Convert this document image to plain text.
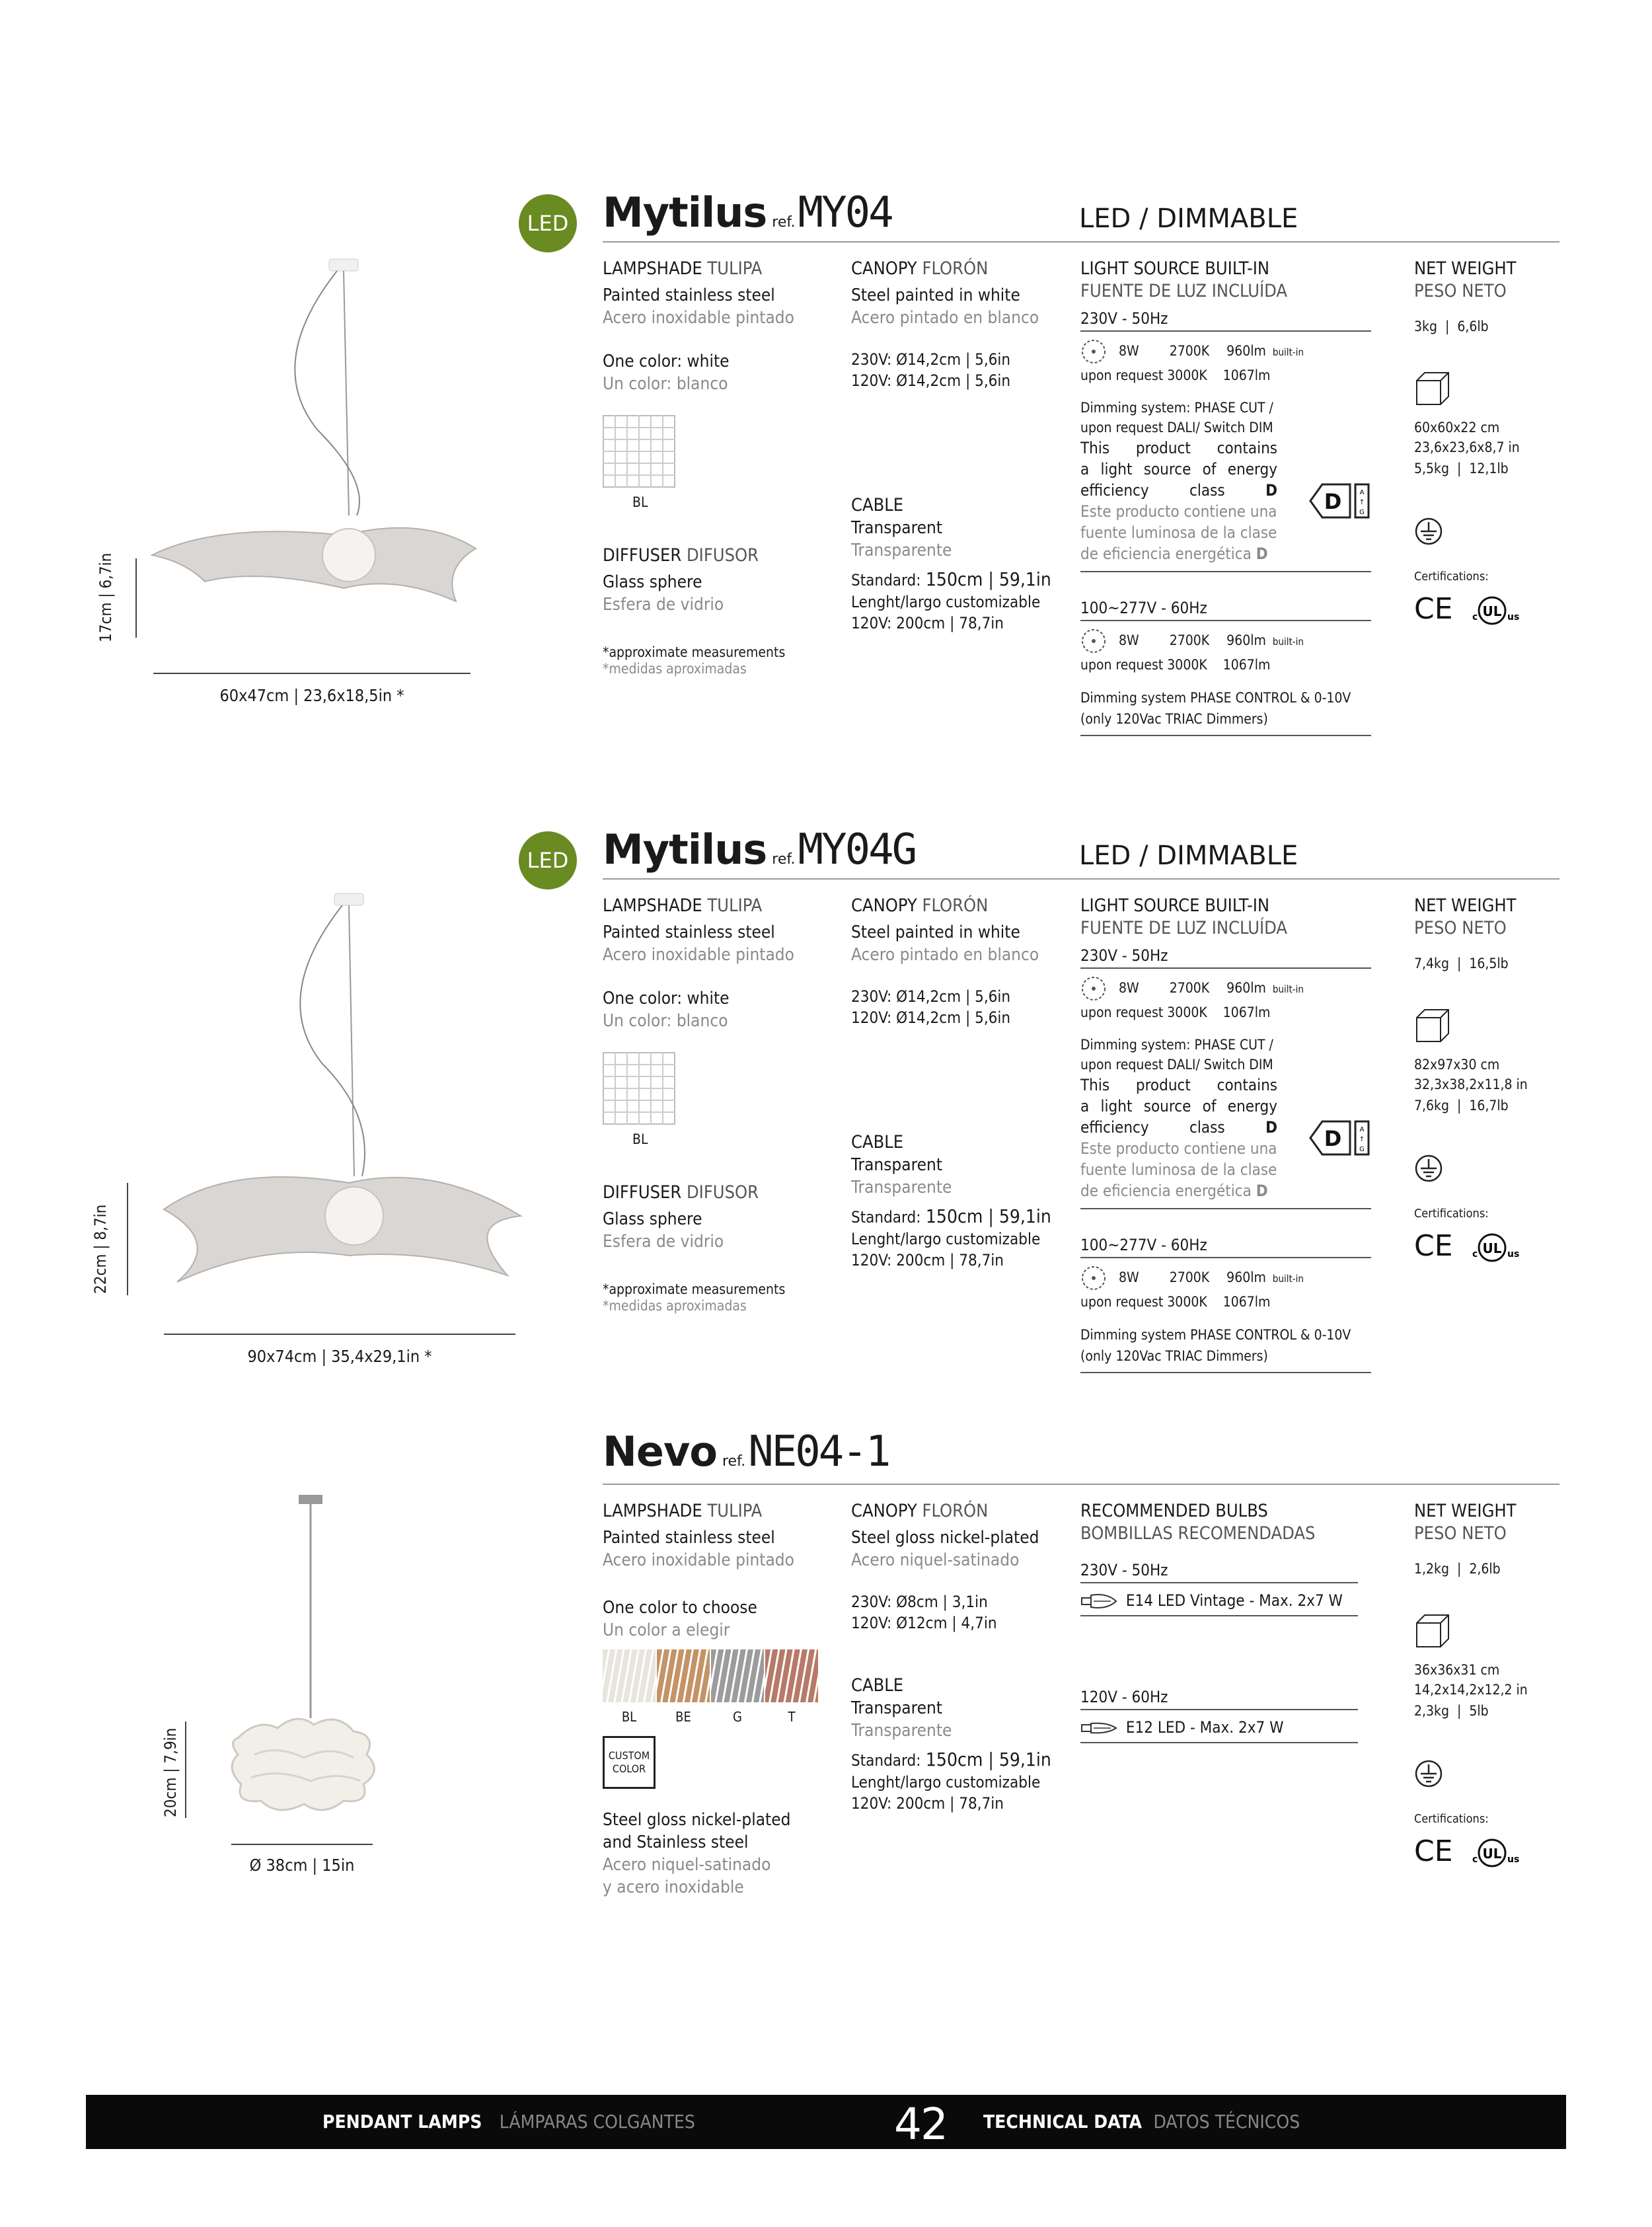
LED Mytilus ref.MY04	LED / DIMMABLE
17cm | 6,7in
60x47cm | 23,6x18,5in *
LAMPSHADE TULIPA
Painted stainless steel
Acero inoxidable pintado
One color: white
Un color: blanco
BL
DIFFUSER DIFUSOR
Glass sphere
Esfera de vidrio
*approximate measurements
*medidas aproximadas
CANOPY FLORÓN
Steel painted in white
Acero pintado en blanco
230V: Ø14,2cm | 5,6in
120V: Ø14,2cm | 5,6in
CABLE
Transparent
Transparente
Standard: 150cm | 59,1in
Lenght/largo customizable
120V: 200cm | 78,7in
LIGHT SOURCE BUILT-IN
FUENTE DE LUZ INCLUÍDA
230V - 50Hz
8W 2700K 960lm built-in
upon request 3000K    1067lm
Dimming system: PHASE CUT /
upon request DALI/ Switch DIM
This product contains
a light source of energy
efficiency class	D
Este producto contiene una
fuente luminosa de la clase
de eficiencia energética D
D	A
↑
G
100~277V - 60Hz
8W 2700K 960lm built-in
upon request 3000K    1067lm
Dimming system PHASE CONTROL & 0-10V
(only 120Vac TRIAC Dimmers)
NET WEIGHT
PESO NETO
3kg  |  6,6lb
60x60x22 cm
23,6x23,6x8,7 in
5,5kg  |  12,1lb
Certifications:
CE c UL us
LED Mytilus ref.MY04G	LED / DIMMABLE
22cm | 8,7in
90x74cm | 35,4x29,1in *
LAMPSHADE TULIPA
Painted stainless steel
Acero inoxidable pintado
One color: white
Un color: blanco
BL
DIFFUSER DIFUSOR
Glass sphere
Esfera de vidrio
*approximate measurements
*medidas aproximadas
CANOPY FLORÓN
Steel painted in white
Acero pintado en blanco
230V: Ø14,2cm | 5,6in
120V: Ø14,2cm | 5,6in
CABLE
Transparent
Transparente
Standard: 150cm | 59,1in
Lenght/largo customizable
120V: 200cm | 78,7in
LIGHT SOURCE BUILT-IN
FUENTE DE LUZ INCLUÍDA
230V - 50Hz
8W 2700K 960lm built-in
upon request 3000K    1067lm
Dimming system: PHASE CUT /
upon request DALI/ Switch DIM
This product contains
a light source of energy
efficiency class	D
Este producto contiene una
fuente luminosa de la clase
de eficiencia energética D
D	A
↑
G
100~277V - 60Hz
8W 2700K 960lm built-in
upon request 3000K    1067lm
Dimming system PHASE CONTROL & 0-10V
(only 120Vac TRIAC Dimmers)
NET WEIGHT
PESO NETO
7,4kg  |  16,5lb
82x97x30 cm
32,3x38,2x11,8 in
7,6kg  |  16,7lb
Certifications:
CE c UL us
Nevo ref.NE04-1
20cm | 7,9in
Ø 38cm | 15in
LAMPSHADE TULIPA
Painted stainless steel
Acero inoxidable pintado
One color to choose
Un color a elegir
BL	BE	G	T
CUSTOM
COLOR
Steel gloss nickel-plated
and Stainless steel
Acero niquel-satinado
y acero inoxidable
CANOPY FLORÓN
Steel gloss nickel-plated
Acero niquel-satinado
230V: Ø8cm | 3,1in
120V: Ø12cm | 4,7in
CABLE
Transparent
Transparente
Standard: 150cm | 59,1in
Lenght/largo customizable
120V: 200cm | 78,7in
RECOMMENDED BULBS
BOMBILLAS RECOMENDADAS
230V - 50Hz
E14 LED Vintage - Max. 2x7 W
120V - 60Hz
E12 LED - Max. 2x7 W
NET WEIGHT
PESO NETO
1,2kg  |  2,6lb
36x36x31 cm
14,2x14,2x12,2 in
2,3kg  |  5lb
Certifications:
CE c UL us
PENDANT LAMPS LÁMPARAS COLGANTES	42 TECHNICAL DATA DATOS TÉCNICOS
